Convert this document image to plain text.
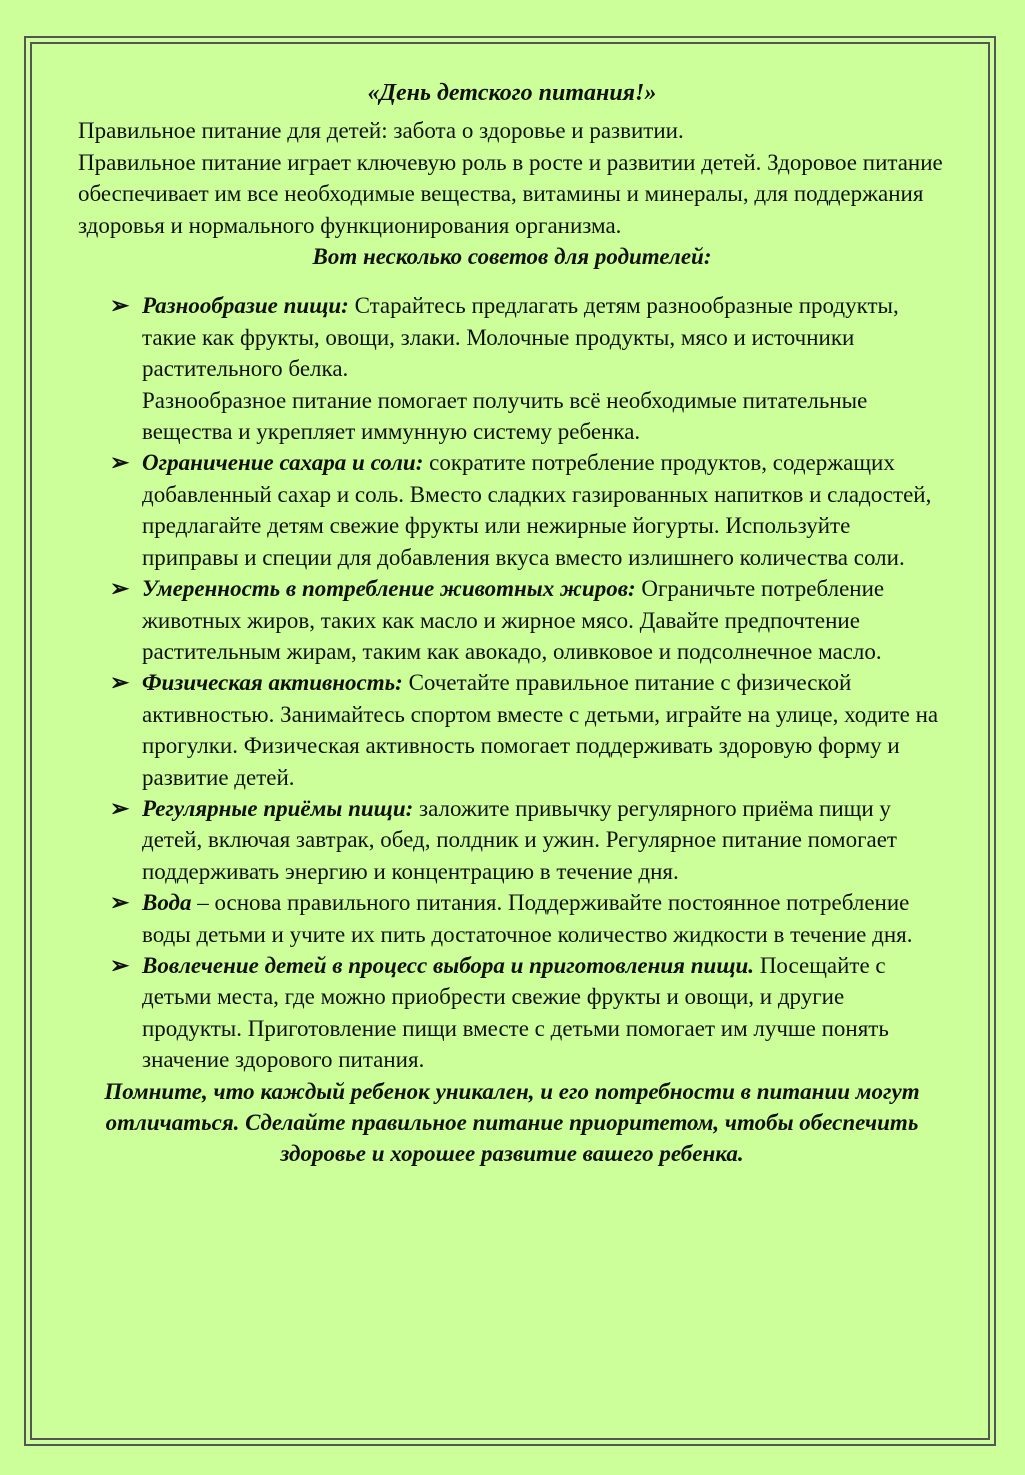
«День детского питания!»

Правильное питание для детей: забота о здоровье и развитии.

Правильное питание играет ключевую роль в росте и развитии детей. Здоровое питание обеспечивает им все необходимые вещества, витамины и минералы, для поддержания здоровья и нормального функционирования организма.

Вот несколько советов для родителей:

➢ Разнообразие пищи: Старайтесь предлагать детям разнообразные продукты, такие как фрукты, овощи, злаки. Молочные продукты, мясо и источники растительного белка.
Разнообразное питание помогает получить всё необходимые питательные вещества и укрепляет иммунную систему ребенка.
➢ Ограничение сахара и соли: сократите потребление продуктов, содержащих добавленный сахар и соль. Вместо сладких газированных напитков и сладостей, предлагайте детям свежие фрукты или нежирные йогурты. Используйте приправы и специи для добавления вкуса вместо излишнего количества соли.
➢ Умеренность в потребление животных жиров: Ограничьте потребление животных жиров, таких как масло и жирное мясо. Давайте предпочтение растительным жирам, таким как авокадо, оливковое и подсолнечное масло.
➢ Физическая активность: Сочетайте правильное питание с физической активностью. Занимайтесь спортом вместе с детьми, играйте на улице, ходите на прогулки. Физическая активность помогает поддерживать здоровую форму и развитие детей.
➢ Регулярные приёмы пищи: заложите привычку регулярного приёма пищи у детей, включая завтрак, обед, полдник и ужин. Регулярное питание помогает поддерживать энергию и концентрацию в течение дня.
➢ Вода – основа правильного питания. Поддерживайте постоянное потребление воды детьми и учите их пить достаточное количество жидкости в течение дня.
➢ Вовлечение детей в процесс выбора и приготовления пищи. Посещайте с детьми места, где можно приобрести свежие фрукты и овощи, и другие продукты. Приготовление пищи вместе с детьми помогает им лучше понять значение здорового питания.

Помните, что каждый ребенок уникален, и его потребности в питании могут отличаться. Сделайте правильное питание приоритетом, чтобы обеспечить здоровье и хорошее развитие вашего ребенка.
